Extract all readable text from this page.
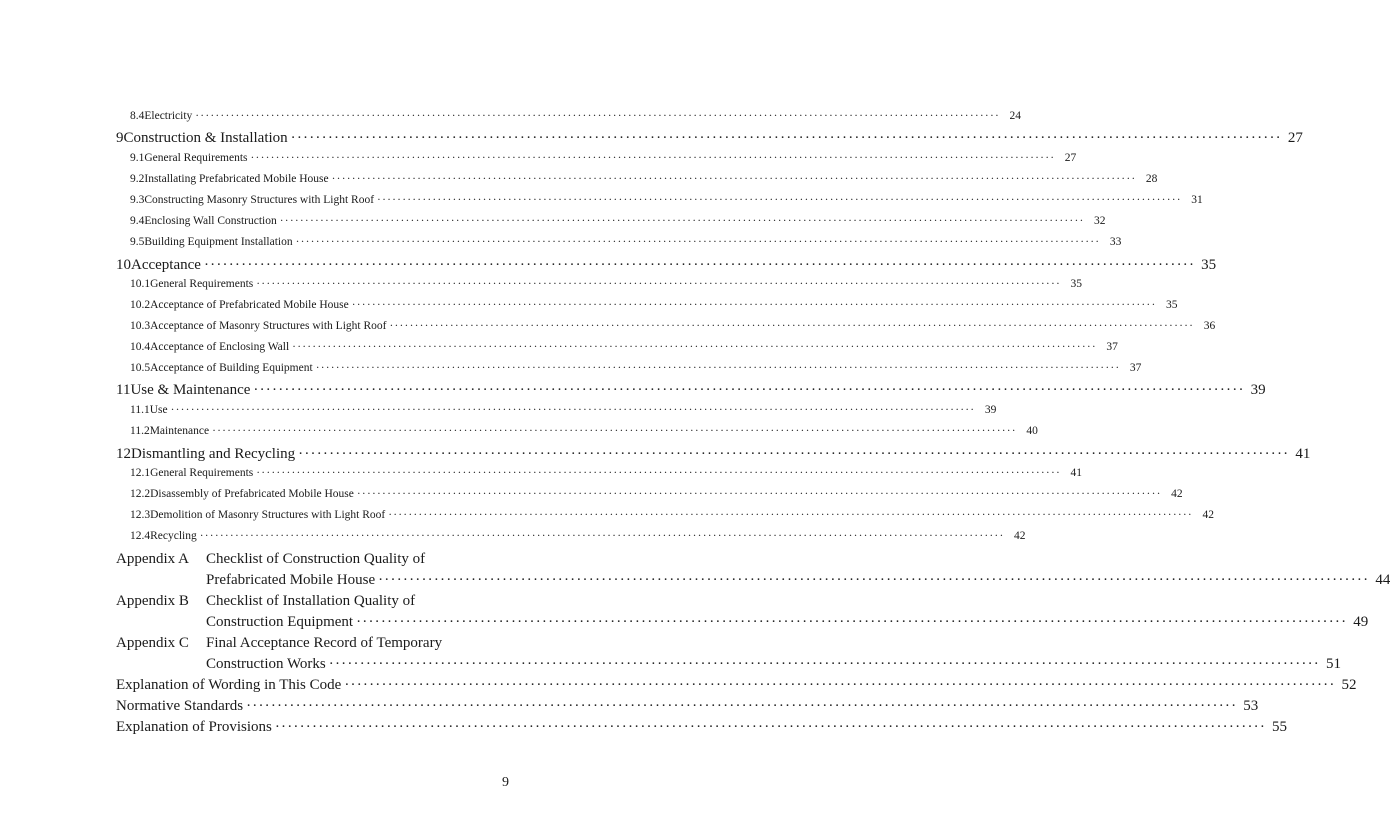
8.4 Electricity ································································································································································ 24
9 Construction & Installation ································································································································································ 27
9.1 General Requirements ································································································································································ 27
9.2 Installating Prefabricated Mobile House ································································································································································ 28
9.3 Constructing Masonry Structures with Light Roof ································································································································································ 31
9.4 Enclosing Wall Construction ································································································································································ 32
9.5 Building Equipment Installation ································································································································································ 33
10 Acceptance ································································································································································ 35
10.1 General Requirements ································································································································································ 35
10.2 Acceptance of Prefabricated Mobile House ································································································································································ 35
10.3 Acceptance of Masonry Structures with Light Roof ································································································································································ 36
10.4 Acceptance of Enclosing Wall ································································································································································ 37
10.5 Acceptance of Building Equipment ································································································································································ 37
11 Use & Maintenance ································································································································································ 39
11.1 Use ································································································································································ 39
11.2 Maintenance ································································································································································ 40
12 Dismantling and Recycling ································································································································································ 41
12.1 General Requirements ································································································································································ 41
12.2 Disassembly of Prefabricated Mobile House ································································································································································ 42
12.3 Demolition of Masonry Structures with Light Roof ································································································································································ 42
12.4 Recycling ································································································································································ 42
Appendix A Checklist of Construction Quality of
Prefabricated Mobile House ································································································································································ 44
Appendix B Checklist of Installation Quality of
Construction Equipment ································································································································································ 49
Appendix C Final Acceptance Record of Temporary
Construction Works ································································································································································ 51
Explanation of Wording in This Code ································································································································································ 52
Normative Standards ································································································································································ 53
Explanation of Provisions ································································································································································ 55
9
